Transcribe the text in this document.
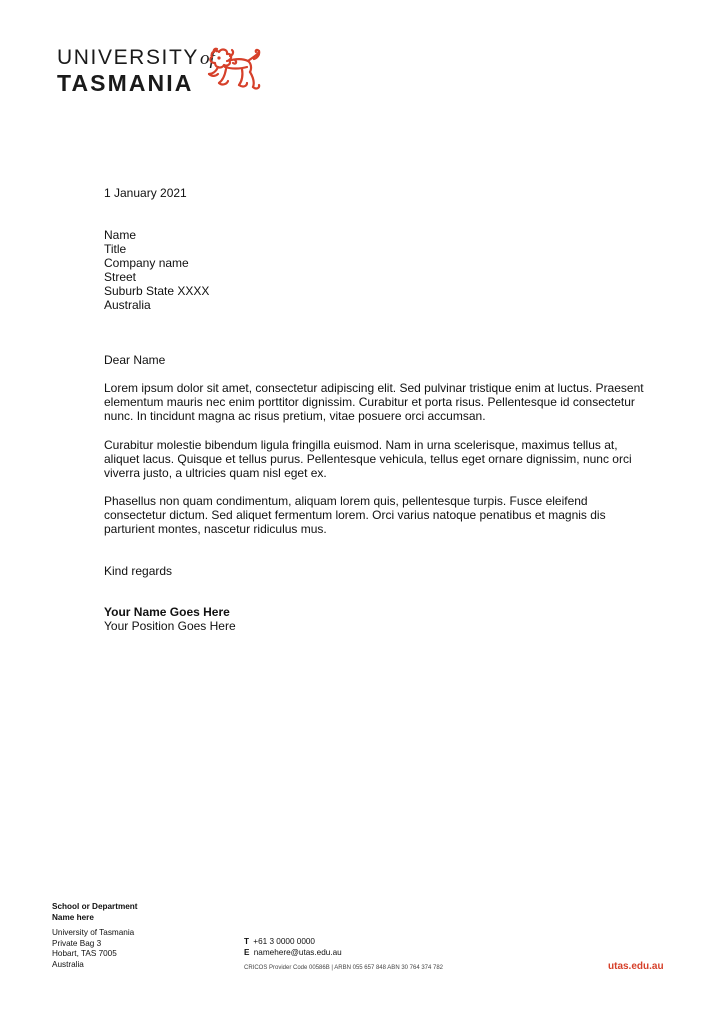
UNIVERSITYof
TASMANIA
1 January 2021
Name
Title
Company name
Street
Suburb State XXXX
Australia
Dear Name
Lorem ipsum dolor sit amet, consectetur adipiscing elit. Sed pulvinar tristique enim at luctus. Praesent elementum mauris nec enim porttitor dignissim. Curabitur et porta risus. Pellentesque id consectetur nunc. In tincidunt magna ac risus pretium, vitae posuere orci accumsan.
Curabitur molestie bibendum ligula fringilla euismod. Nam in urna scelerisque, maximus tellus at, aliquet lacus. Quisque et tellus purus. Pellentesque vehicula, tellus eget ornare dignissim, nunc orci viverra justo, a ultricies quam nisl eget ex.
Phasellus non quam condimentum, aliquam lorem quis, pellentesque turpis. Fusce eleifend consectetur dictum. Sed aliquet fermentum lorem. Orci varius natoque penatibus et magnis dis parturient montes, nascetur ridiculus mus.
Kind regards
Your Name Goes Here
Your Position Goes Here
School or Department
Name here
University of Tasmania
Private Bag 3
Hobart, TAS 7005
Australia
T +61 3 0000 0000
E namehere@utas.edu.au
CRICOS Provider Code 00586B | ARBN 055 657 848 ABN 30 764 374 782	utas.edu.au
